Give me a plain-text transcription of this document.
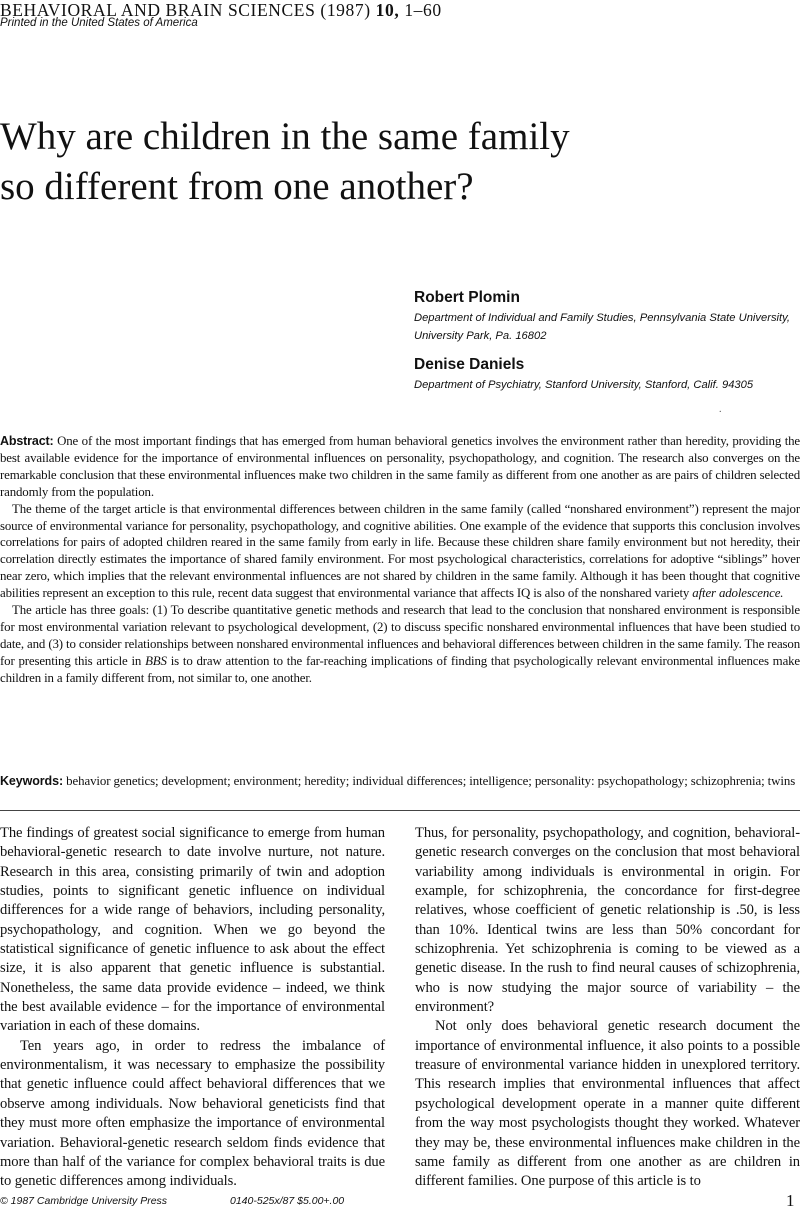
BEHAVIORAL AND BRAIN SCIENCES (1987) 10, 1–60
Printed in the United States of America
Why are children in the same family so different from one another?
Robert Plomin
Department of Individual and Family Studies, Pennsylvania State University, University Park, Pa. 16802
Denise Daniels
Department of Psychiatry, Stanford University, Stanford, Calif. 94305
.

Abstract: One of the most important findings that has emerged from human behavioral genetics involves the environment rather than heredity, providing the best available evidence for the importance of environmental influences on personality, psychopathology, and cognition. The research also converges on the remarkable conclusion that these environmental influences make two children in the same family as different from one another as are pairs of children selected randomly from the population.

The theme of the target article is that environmental differences between children in the same family (called “nonshared environment”) represent the major source of environmental variance for personality, psychopathology, and cognitive abilities. One example of the evidence that supports this conclusion involves correlations for pairs of adopted children reared in the same family from early in life. Because these children share family environment but not heredity, their correlation directly estimates the importance of shared family environment. For most psychological characteristics, correlations for adoptive “siblings” hover near zero, which implies that the relevant environmental influences are not shared by children in the same family. Although it has been thought that cognitive abilities represent an exception to this rule, recent data suggest that environmental variance that affects IQ is also of the nonshared variety after adolescence.

The article has three goals: (1) To describe quantitative genetic methods and research that lead to the conclusion that nonshared environment is responsible for most environmental variation relevant to psychological development, (2) to discuss specific nonshared environmental influences that have been studied to date, and (3) to consider relationships between nonshared environmental influences and behavioral differences between children in the same family. The reason for presenting this article in BBS is to draw attention to the far-reaching implications of finding that psychologically relevant environmental influences make children in a family different from, not similar to, one another.

Keywords: behavior genetics; development; environment; heredity; individual differences; intelligence; personality: psychopathology; schizophrenia; twins

The findings of greatest social significance to emerge from human behavioral-genetic research to date involve nurture, not nature. Research in this area, consisting primarily of twin and adoption studies, points to significant genetic influence on individual differences for a wide range of behaviors, including personality, psychopathology, and cognition. When we go beyond the statistical significance of genetic influence to ask about the effect size, it is also apparent that genetic influence is substantial. Nonetheless, the same data provide evidence – indeed, we think the best available evidence – for the importance of environmental variation in each of these domains.

Ten years ago, in order to redress the imbalance of environmentalism, it was necessary to emphasize the possibility that genetic influence could affect behavioral differences that we observe among individuals. Now behavioral geneticists find that they must more often emphasize the importance of environmental variation. Behavioral-genetic research seldom finds evidence that more than half of the variance for complex behavioral traits is due to genetic differences among individuals.

Thus, for personality, psychopathology, and cognition, behavioral-genetic research converges on the conclusion that most behavioral variability among individuals is environmental in origin. For example, for schizophrenia, the concordance for first-degree relatives, whose coefficient of genetic relationship is .50, is less than 10%. Identical twins are less than 50% concordant for schizophrenia. Yet schizophrenia is coming to be viewed as a genetic disease. In the rush to find neural causes of schizophrenia, who is now studying the major source of variability – the environment?

Not only does behavioral genetic research document the importance of environmental influence, it also points to a possible treasure of environmental variance hidden in unexplored territory. This research implies that environmental influences that affect psychological development operate in a manner quite different from the way most psychologists thought they worked. Whatever they may be, these environmental influences make children in the same family as different from one another as are children in different families. One purpose of this article is to

© 1987 Cambridge University Press	0140-525x/87 $5.00+.00	1
